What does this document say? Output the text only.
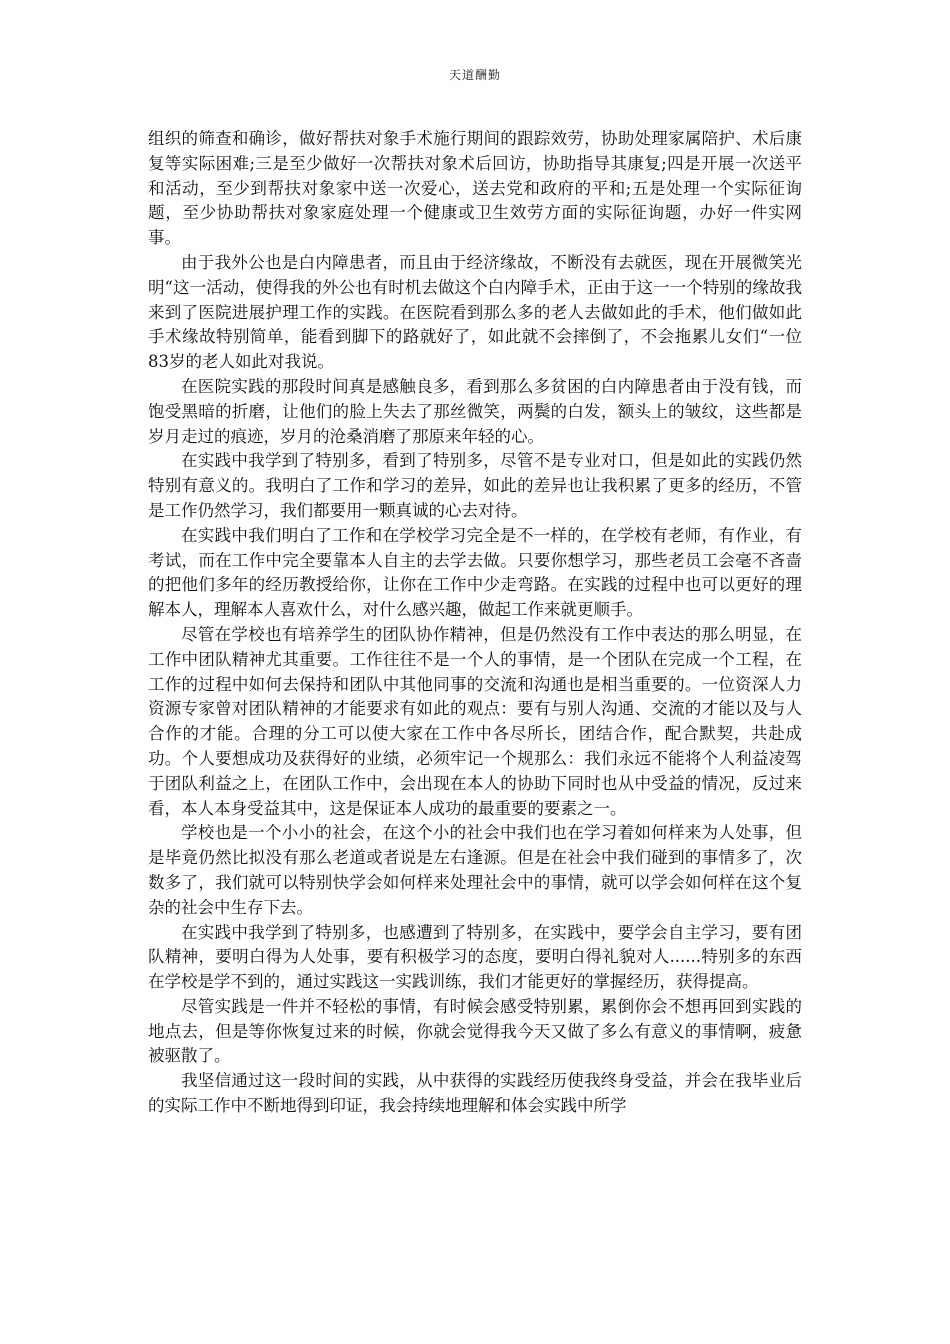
天道酬勤

组织的筛查和确诊，做好帮扶对象手术施行期间的跟踪效劳，协助处理家属陪护、术后康复等实际困难;三是至少做好一次帮扶对象术后回访，协助指导其康复;四是开展一次送平和活动，至少到帮扶对象家中送一次爱心，送去党和政府的平和;五是处理一个实际征询题，至少协助帮扶对象家庭处理一个健康或卫生效劳方面的实际征询题，办好一件实网事。

由于我外公也是白内障患者，而且由于经济缘故，不断没有去就医，现在开展微笑光明“这一活动，使得我的外公也有时机去做这个白内障手术，正由于这一一个特别的缘故我来到了医院进展护理工作的实践。在医院看到那么多的老人去做如此的手术，他们做如此手术缘故特别简单，能看到脚下的路就好了，如此就不会摔倒了，不会拖累儿女们“一位83岁的老人如此对我说。

在医院实践的那段时间真是感触良多，看到那么多贫困的白内障患者由于没有钱，而饱受黑暗的折磨，让他们的脸上失去了那丝微笑，两鬓的白发，额头上的皱纹，这些都是岁月走过的痕迹，岁月的沧桑消磨了那原来年轻的心。

在实践中我学到了特别多，看到了特别多，尽管不是专业对口，但是如此的实践仍然特别有意义的。我明白了工作和学习的差异，如此的差异也让我积累了更多的经历，不管是工作仍然学习，我们都要用一颗真诚的心去对待。

在实践中我们明白了工作和在学校学习完全是不一样的，在学校有老师，有作业，有考试，而在工作中完全要靠本人自主的去学去做。只要你想学习，那些老员工会毫不吝啬的把他们多年的经历教授给你，让你在工作中少走弯路。在实践的过程中也可以更好的理解本人，理解本人喜欢什么，对什么感兴趣，做起工作来就更顺手。

尽管在学校也有培养学生的团队协作精神，但是仍然没有工作中表达的那么明显，在工作中团队精神尤其重要。工作往往不是一个人的事情，是一个团队在完成一个工程，在工作的过程中如何去保持和团队中其他同事的交流和沟通也是相当重要的。一位资深人力资源专家曾对团队精神的才能要求有如此的观点：要有与别人沟通、交流的才能以及与人合作的才能。合理的分工可以使大家在工作中各尽所长，团结合作，配合默契，共赴成功。个人要想成功及获得好的业绩，必须牢记一个规那么：我们永远不能将个人利益凌驾于团队利益之上，在团队工作中，会出现在本人的协助下同时也从中受益的情况，反过来看，本人本身受益其中，这是保证本人成功的最重要的要素之一。

学校也是一个小小的社会，在这个小的社会中我们也在学习着如何样来为人处事，但是毕竟仍然比拟没有那么老道或者说是左右逢源。但是在社会中我们碰到的事情多了，次数多了，我们就可以特别快学会如何样来处理社会中的事情，就可以学会如何样在这个复杂的社会中生存下去。

在实践中我学到了特别多，也感遭到了特别多，在实践中，要学会自主学习，要有团队精神，要明白得为人处事，要有积极学习的态度，要明白得礼貌对人......特别多的东西在学校是学不到的，通过实践这一实践训练，我们才能更好的掌握经历，获得提高。

尽管实践是一件并不轻松的事情，有时候会感受特别累，累倒你会不想再回到实践的地点去，但是等你恢复过来的时候，你就会觉得我今天又做了多么有意义的事情啊，疲惫被驱散了。

我坚信通过这一段时间的实践，从中获得的实践经历使我终身受益，并会在我毕业后的实际工作中不断地得到印证，我会持续地理解和体会实践中所学
